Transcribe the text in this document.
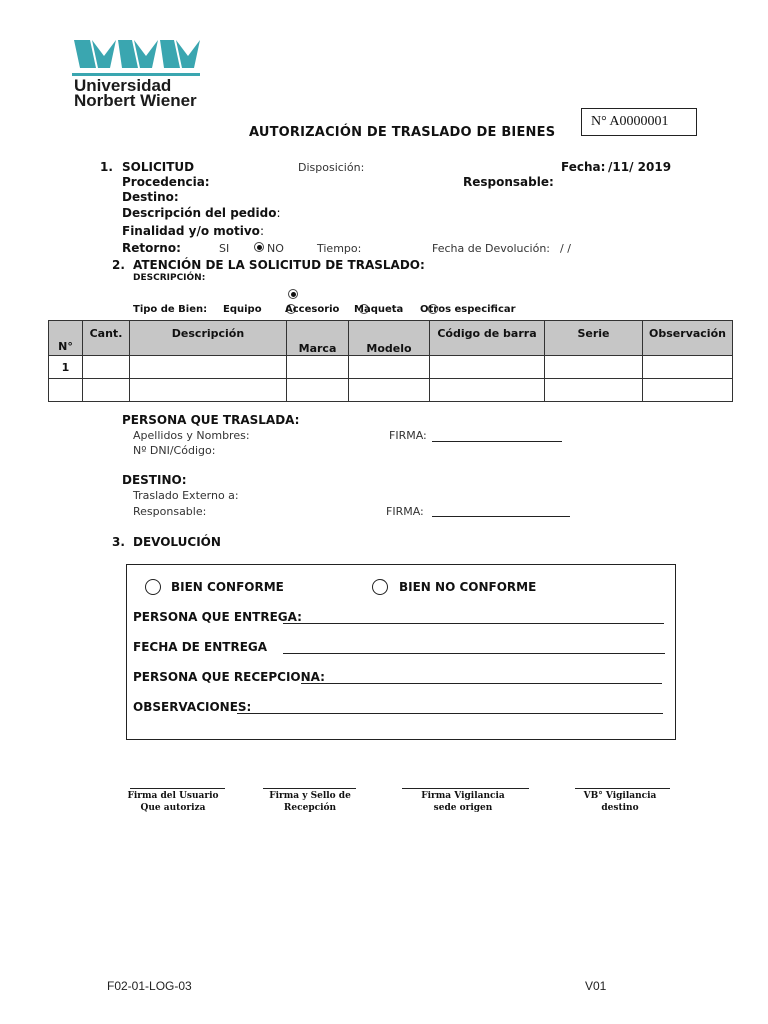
Universidad
Norbert Wiener
N° A0000001
AUTORIZACIÓN DE TRASLADO DE BIENES
1. SOLICITUD	Disposición:	Fecha: /11/ 2019
Procedencia:	Responsable:
Destino:
Descripción del pedido:
Finalidad y/o motivo:
Retorno:	SI	NO	Tiempo:	Fecha de Devolución: / /
2. ATENCIÓN DE LA SOLICITUD DE TRASLADO:
DESCRIPCIÓN:
Tipo de Bien: Equipo Accesorio Maqueta Otros especificar
N°	Cant.	Descripción	Marca	Modelo	Código de barra	Serie	Observación
1							

PERSONA QUE TRASLADA:
Apellidos y Nombres:
Nº DNI/Código:
FIRMA:
DESTINO:
Traslado Externo a:
Responsable:	FIRMA:
3. DEVOLUCIÓN
BIEN CONFORME	BIEN NO CONFORME
PERSONA QUE ENTREGA:
FECHA DE ENTREGA
PERSONA QUE RECEPCIONA:
OBSERVACIONES:
Firma del Usuario
Que autoriza
Firma y Sello de
Recepción
Firma Vigilancia
sede origen
VB° Vigilancia
destino
F02-01-LOG-03	V01
